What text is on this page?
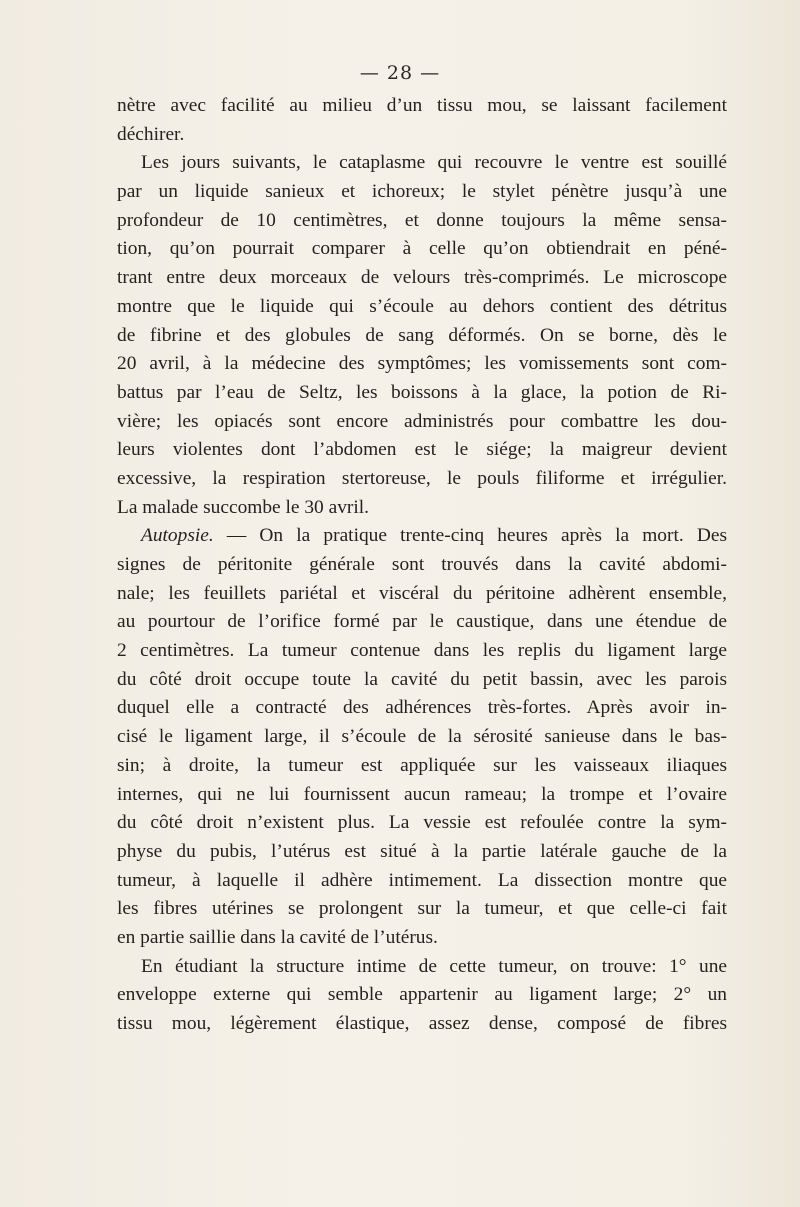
— 28 —
nètre avec facilité au milieu d’un tissu mou, se laissant facilement
déchirer.
Les jours suivants, le cataplasme qui recouvre le ventre est souillé
par un liquide sanieux et ichoreux; le stylet pénètre jusqu’à une
profondeur de 10 centimètres, et donne toujours la même sensa-
tion, qu’on pourrait comparer à celle qu’on obtiendrait en péné-
trant entre deux morceaux de velours très-comprimés. Le microscope
montre que le liquide qui s’écoule au dehors contient des détritus
de fibrine et des globules de sang déformés. On se borne, dès le
20 avril, à la médecine des symptômes; les vomissements sont com-
battus par l’eau de Seltz, les boissons à la glace, la potion de Ri-
vière; les opiacés sont encore administrés pour combattre les dou-
leurs violentes dont l’abdomen est le siége; la maigreur devient
excessive, la respiration stertoreuse, le pouls filiforme et irrégulier.
La malade succombe le 30 avril.
Autopsie. — On la pratique trente-cinq heures après la mort. Des
signes de péritonite générale sont trouvés dans la cavité abdomi-
nale; les feuillets pariétal et viscéral du péritoine adhèrent ensemble,
au pourtour de l’orifice formé par le caustique, dans une étendue de
2 centimètres. La tumeur contenue dans les replis du ligament large
du côté droit occupe toute la cavité du petit bassin, avec les parois
duquel elle a contracté des adhérences très-fortes. Après avoir in-
cisé le ligament large, il s’écoule de la sérosité sanieuse dans le bas-
sin; à droite, la tumeur est appliquée sur les vaisseaux iliaques
internes, qui ne lui fournissent aucun rameau; la trompe et l’ovaire
du côté droit n’existent plus. La vessie est refoulée contre la sym-
physe du pubis, l’utérus est situé à la partie latérale gauche de la
tumeur, à laquelle il adhère intimement. La dissection montre que
les fibres utérines se prolongent sur la tumeur, et que celle-ci fait
en partie saillie dans la cavité de l’utérus.
En étudiant la structure intime de cette tumeur, on trouve: 1° une
enveloppe externe qui semble appartenir au ligament large; 2° un
tissu mou, légèrement élastique, assez dense, composé de fibres
